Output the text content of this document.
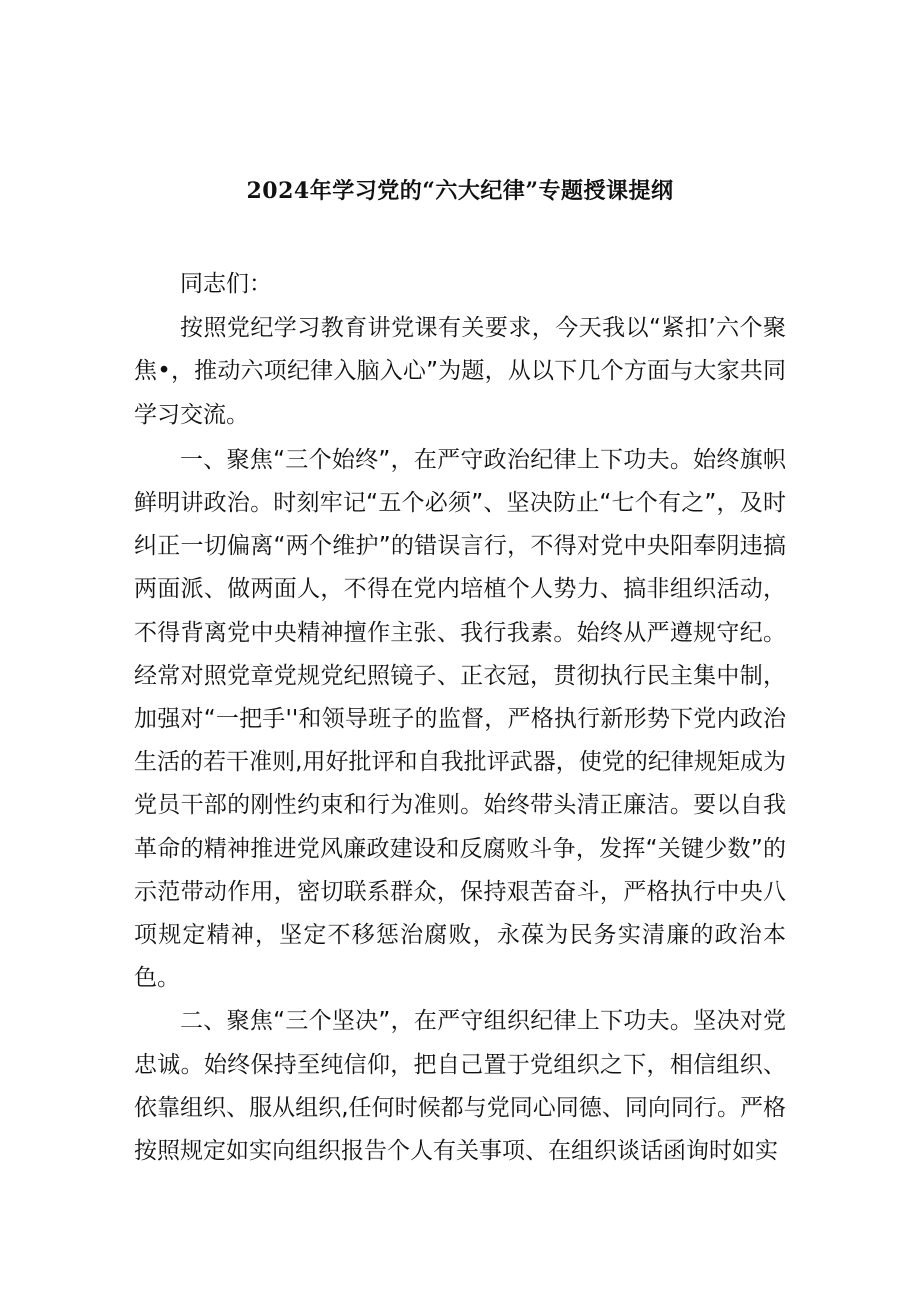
2024年学习党的“六大纪律”专题授课提纲

同志们：

按照党纪学习教育讲党课有关要求，今天我以“紧扣’六个聚焦•，推动六项纪律入脑入心”为题，从以下几个方面与大家共同学习交流。

一、聚焦“三个始终”，在严守政治纪律上下功夫。始终旗帜鲜明讲政治。时刻牢记“五个必须”、坚决防止“七个有之”，及时纠正一切偏离“两个维护”的错误言行，不得对党中央阳奉阴违搞两面派、做两面人，不得在党内培植个人势力、搞非组织活动，不得背离党中央精神擅作主张、我行我素。始终从严遵规守纪。经常对照党章党规党纪照镜子、正衣冠，贯彻执行民主集中制，加强对“一把手''和领导班子的监督，严格执行新形势下党内政治生活的若干准则,用好批评和自我批评武器，使党的纪律规矩成为党员干部的刚性约束和行为准则。始终带头清正廉洁。要以自我革命的精神推进党风廉政建设和反腐败斗争，发挥“关键少数”的示范带动作用，密切联系群众，保持艰苦奋斗，严格执行中央八项规定精神，坚定不移惩治腐败，永葆为民务实清廉的政治本色。

二、聚焦“三个坚决”，在严守组织纪律上下功夫。坚决对党忠诚。始终保持至纯信仰，把自己置于党组织之下，相信组织、依靠组织、服从组织,任何时候都与党同心同德、同向同行。严格按照规定如实向组织报告个人有关事项、在组织谈话函询时如实
